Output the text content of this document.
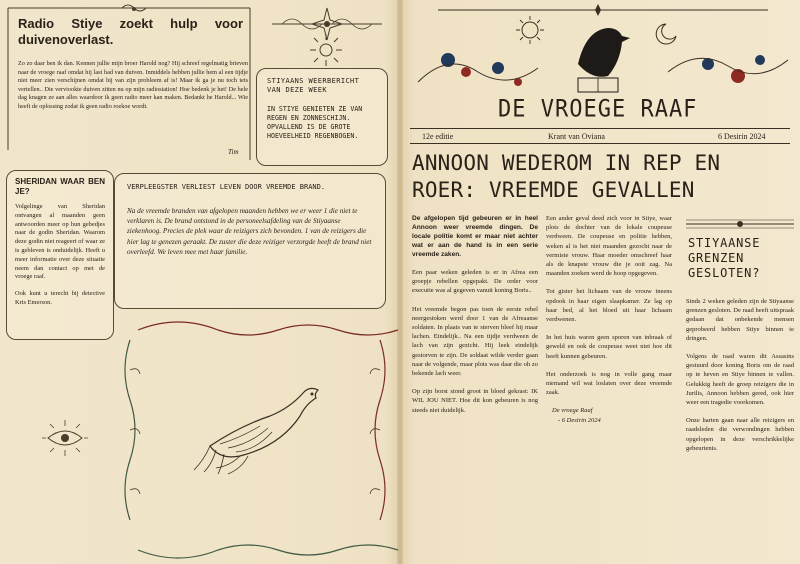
Radio Stiye zoekt hulp voor duivenoverlast.
Zo zo daar ben ik dan. Kennen jullie mijn broer Harold nog? Hij schreef regelmatig brieven naar de vroege raaf omdat hij last had van duiven. Inmiddels hebben jullie hem al een tijdje niet meer zien verschijnen omdat hij van zijn probleem af is! Maar ik ga je nu toch iets vertellen.. Die verviookte duiven zitten nu op mijn radiostation! Hoe bedenk je het! De hele dag knagen ze aan alles waardoor ik geen radio meer kan maken. Bedankt he Harold... Wie heeft de oplossing zodat ik geen radio roekoe wordt.
Tim
STIYAANS WEERBERICHT VAN DEZE WEEK
IN STIYE GENIETEN ZE VAN REGEN EN ZONNESCHIJN. OPVALLEND IS DE GROTE HOEVEELHEID REGENBOGEN.
SHERIDAN WAAR BEN JE?
Volgelinge van Sheridan ontvangen al maanden geen antwoorden meer op hun gebedjes naar de godin Sheridan. Waarom deze godin niet reageert of waar ze is gebleven is onduidelijk. Heeft u meer informatie over deze situatie neem dan contact op met de vroege raaf.
Ook kunt u terecht bij detective Kris Emerson.
VERPLEEGSTER VERLIEST LEVEN DOOR VREEMDE BRAND.
Na de vreemde branden van afgelopen maanden hebben we er weer 1 die niet te verklaren is. De brand ontstond in de personeelsafdeling van de Stiyaanse ziekenhoog. Precies de plek waar de reizigers zich bevonden. 1 van de reizigers die hier lag te genezen geraakt. De zuster die deze reiziger verzorgde heeft de brand niet overleefd. We leven mee met haar familie.
DE VROEGE RAAF
12e editie	Krant van Oviana	6 Desirin 2024
ANNOON WEDEROM IN REP EN ROER: VREEMDE GEVALLEN
De afgelopen tijd gebeuren er in heel Annoon weer vreemde dingen. De locale politie komt er maar niet achter wat er aan de hand is in een serie vreemde zaken.
Een paar weken geleden is er in Afrea een groepje rebellen opgepakt. De order voor executie was al gegeven vanuit koning Boris..
Het vreemde begon pas toen de eerste rebel neergestoken werd door 1 van de Afreaanse soldaten. In plaats van te sterven bleef hij maar lachen. Eindelijk.. Na een tijdje verdween de lach van zijn gezicht. Hij leek eindelijk gestorven te zijn. De soldaat wilde verder gaan naar de volgende, maar plots was daar die oh zo bekende lach weer.
Op zijn borst stond groot in bloed gekrast: IK WIL JOU NIET. Hoe dit kon gebeuren is nog steeds niet duidelijk.
Een ander geval deed zich voor in Stiye, waar plots de dochter van de lokale coupeuse verdween. De coupeuse en politie hebben, weken al is het niet maanden gezocht naar de vermiste vrouw. Haar moeder omschreef haar als de knapste vrouw die je ooit zag. Na maanden zoeken werd de hoop opgegeven.
Tot gister het lichaam van de vrouw ineens opdook in haar eigen slaapkamer. Ze lag op haar bed, al het bloed uit haar lichaam verdwenen.
In het huis waren geen sporen van inbraak of geweld en ook de coupeuse weet niet hoe dit heeft kunnen gebeuren.
Het onderzoek is nog in volle gang maar niemand wil wat loslaten over deze vreemde zaak.
De vroege Raaf
- 6 Desirin 2024
STIYAANSE GRENZEN GESLOTEN?
Sinds 2 weken geleden zijn de Stiyaanse grenzen gesloten. De raad heeft uitspraak gedaan dat onbekende mensen geprobeerd hebben Stiye binnen te dringen.
Volgens de raad waren dit Assasins gestuurd door koning Boris om de raad op te heven en Stiye binnen te vallen. Gelukkig heeft de groep reizigers die in Jurilis, Annoon hebben gered, ook hier weer een tragedie voorkomen.
Onze harten gaan naar alle reizigers en raadsleden die verwondingen hebben opgelopen in deze verschrikkelijke gebeurtenis.
